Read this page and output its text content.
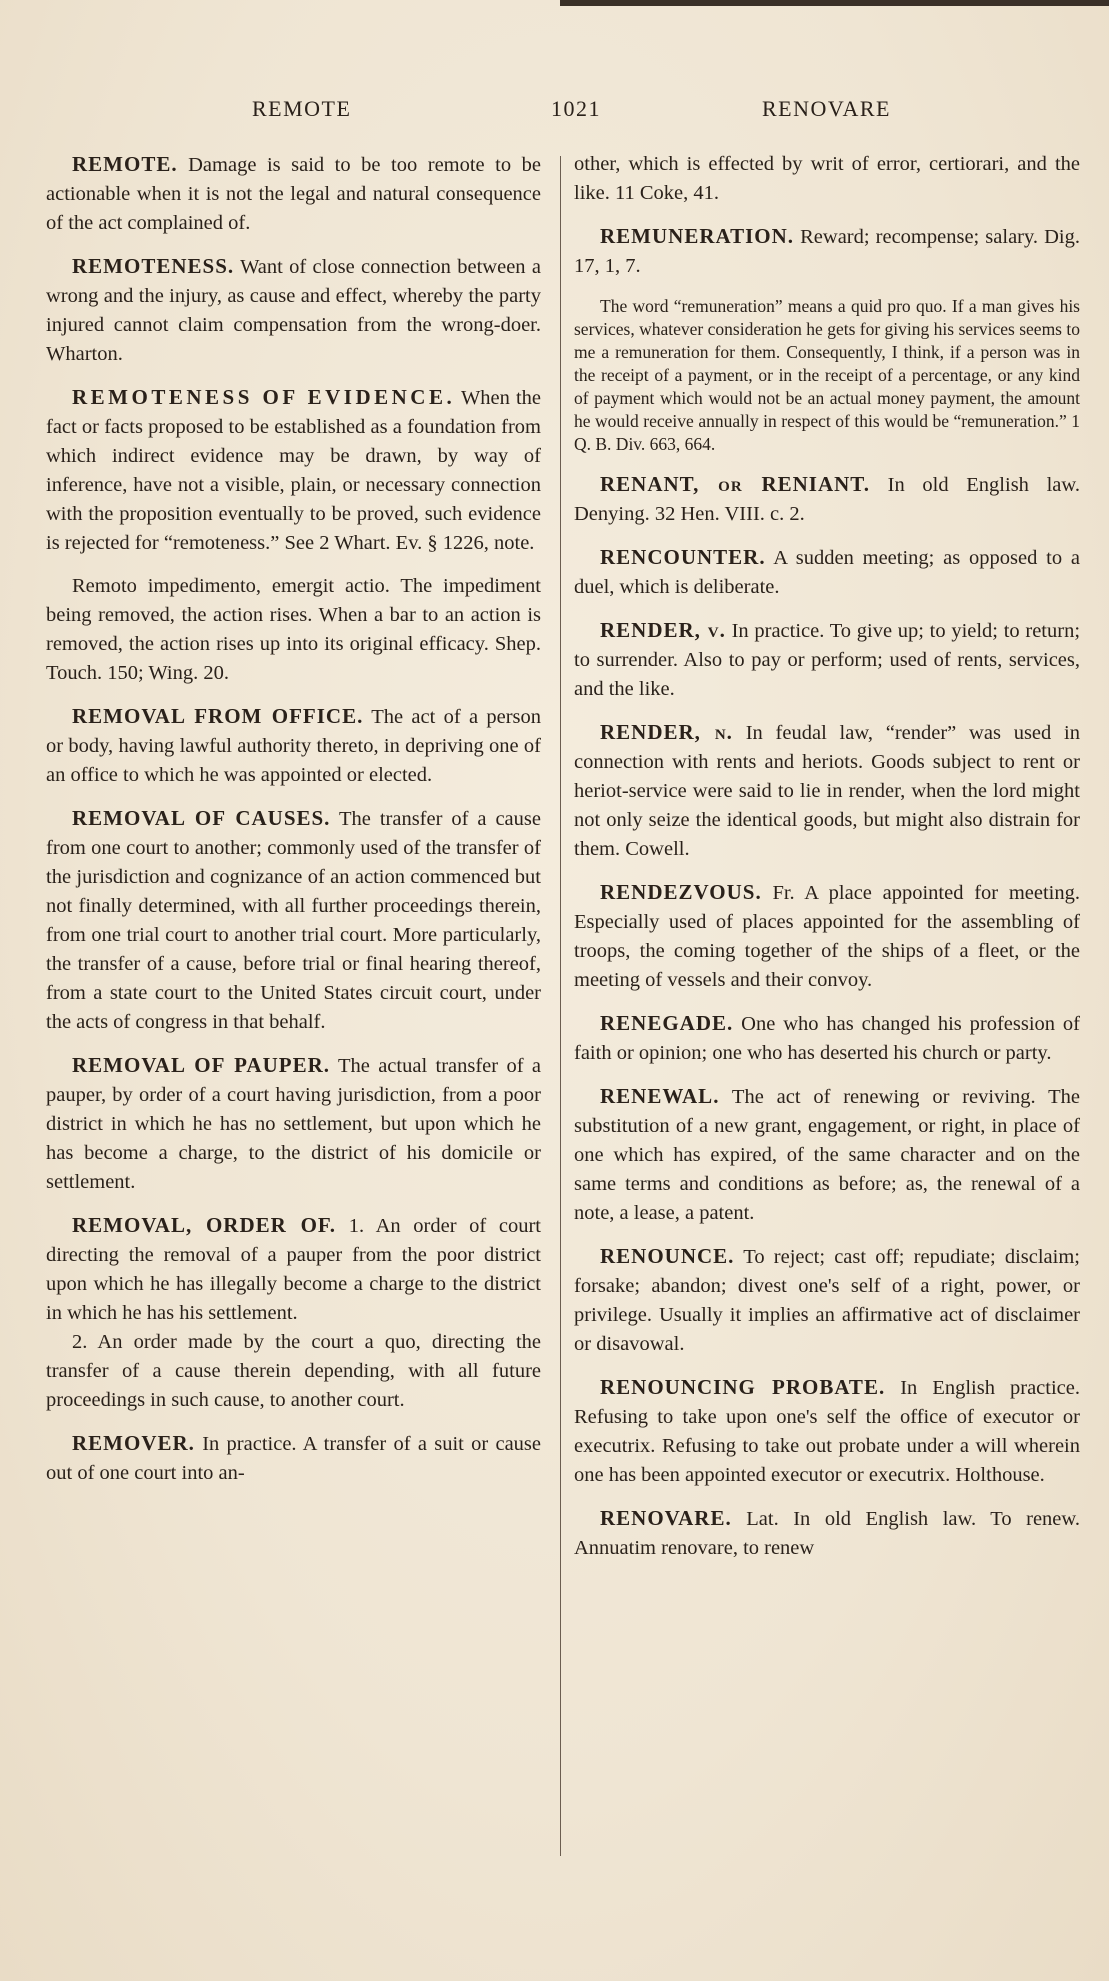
REMOTE	1021	RENOVARE

REMOTE. Damage is said to be too remote to be actionable when it is not the legal and natural consequence of the act complained of.

REMOTENESS. Want of close connection between a wrong and the injury, as cause and effect, whereby the party injured cannot claim compensation from the wrong-doer. Wharton.

REMOTENESS OF EVIDENCE. When the fact or facts proposed to be established as a foundation from which indirect evidence may be drawn, by way of inference, have not a visible, plain, or necessary connection with the proposition eventually to be proved, such evidence is rejected for “remoteness.” See 2 Whart. Ev. § 1226, note.

Remoto impedimento, emergit actio. The impediment being removed, the action rises. When a bar to an action is removed, the action rises up into its original efficacy. Shep. Touch. 150; Wing. 20.

REMOVAL FROM OFFICE. The act of a person or body, having lawful authority thereto, in depriving one of an office to which he was appointed or elected.

REMOVAL OF CAUSES. The transfer of a cause from one court to another; commonly used of the transfer of the jurisdiction and cognizance of an action commenced but not finally determined, with all further proceedings therein, from one trial court to another trial court. More particularly, the transfer of a cause, before trial or final hearing thereof, from a state court to the United States circuit court, under the acts of congress in that behalf.

REMOVAL OF PAUPER. The actual transfer of a pauper, by order of a court having jurisdiction, from a poor district in which he has no settlement, but upon which he has become a charge, to the district of his domicile or settlement.

REMOVAL, ORDER OF. 1. An order of court directing the removal of a pauper from the poor district upon which he has illegally become a charge to the district in which he has his settlement.

2. An order made by the court a quo, directing the transfer of a cause therein depending, with all future proceedings in such cause, to another court.

REMOVER. In practice. A transfer of a suit or cause out of one court into an-

other, which is effected by writ of error, certiorari, and the like. 11 Coke, 41.

REMUNERATION. Reward; recompense; salary. Dig. 17, 1, 7.

The word “remuneration” means a quid pro quo. If a man gives his services, whatever consideration he gets for giving his services seems to me a remuneration for them. Consequently, I think, if a person was in the receipt of a payment, or in the receipt of a percentage, or any kind of payment which would not be an actual money payment, the amount he would receive annually in respect of this would be “remuneration.” 1 Q. B. Div. 663, 664.

RENANT, or RENIANT. In old English law. Denying. 32 Hen. VIII. c. 2.

RENCOUNTER. A sudden meeting; as opposed to a duel, which is deliberate.

RENDER, v. In practice. To give up; to yield; to return; to surrender. Also to pay or perform; used of rents, services, and the like.

RENDER, n. In feudal law, “render” was used in connection with rents and heriots. Goods subject to rent or heriot-service were said to lie in render, when the lord might not only seize the identical goods, but might also distrain for them. Cowell.

RENDEZVOUS. Fr. A place appointed for meeting. Especially used of places appointed for the assembling of troops, the coming together of the ships of a fleet, or the meeting of vessels and their convoy.

RENEGADE. One who has changed his profession of faith or opinion; one who has deserted his church or party.

RENEWAL. The act of renewing or reviving. The substitution of a new grant, engagement, or right, in place of one which has expired, of the same character and on the same terms and conditions as before; as, the renewal of a note, a lease, a patent.

RENOUNCE. To reject; cast off; repudiate; disclaim; forsake; abandon; divest one's self of a right, power, or privilege. Usually it implies an affirmative act of disclaimer or disavowal.

RENOUNCING PROBATE. In English practice. Refusing to take upon one's self the office of executor or executrix. Refusing to take out probate under a will wherein one has been appointed executor or executrix. Holthouse.

RENOVARE. Lat. In old English law. To renew. Annuatim renovare, to renew
